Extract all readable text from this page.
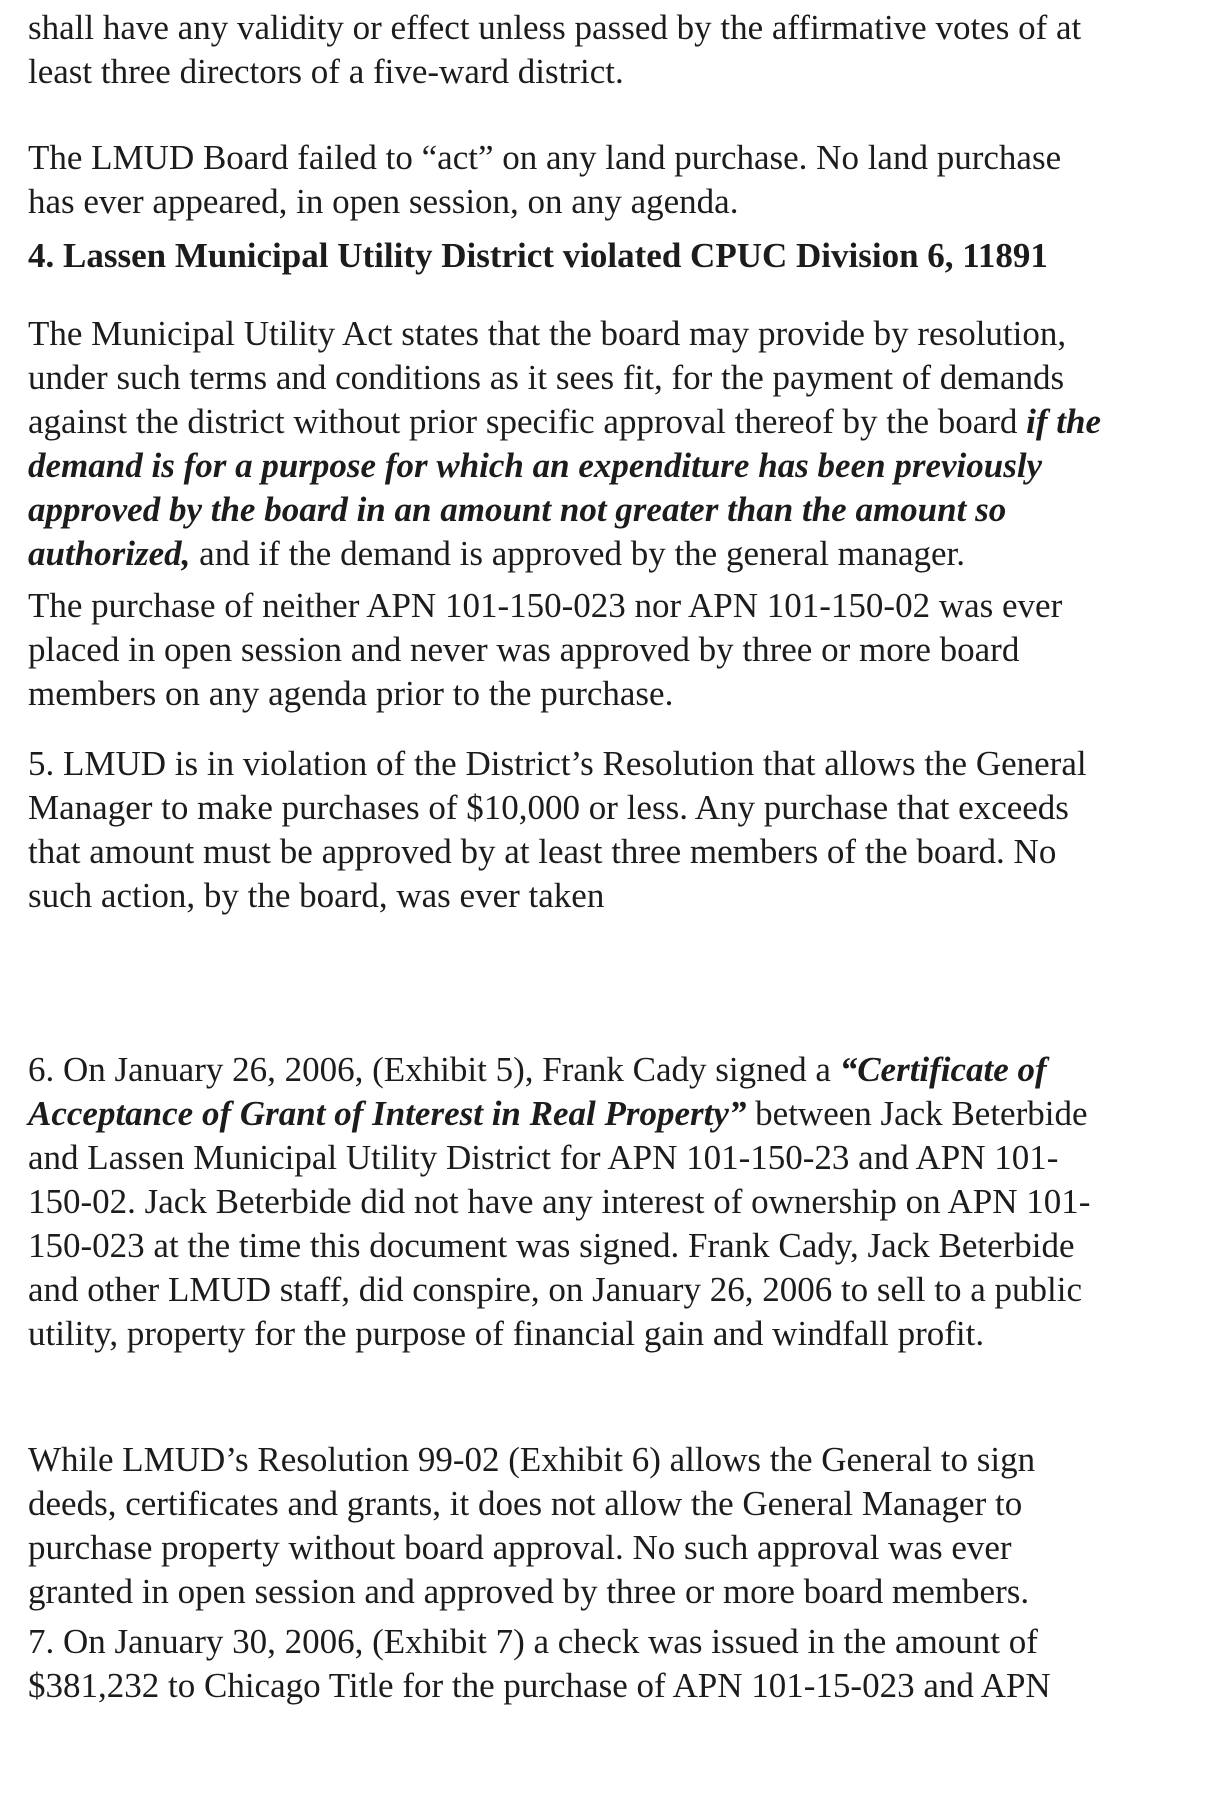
shall have any validity or effect unless passed by the affirmative votes of at
least three directors of a five-ward district.
The LMUD Board failed to “act” on any land purchase. No land purchase
has ever appeared, in open session, on any agenda.
4. Lassen Municipal Utility District violated CPUC Division 6, 11891
The Municipal Utility Act states that the board may provide by resolution,
under such terms and conditions as it sees fit, for the payment of demands
against the district without prior specific approval thereof by the board if the
demand is for a purpose for which an expenditure has been previously
approved by the board in an amount not greater than the amount so
authorized, and if the demand is approved by the general manager.
The purchase of neither APN 101-150-023 nor APN 101-150-02 was ever
placed in open session and never was approved by three or more board
members on any agenda prior to the purchase.
5. LMUD is in violation of the District’s Resolution that allows the General
Manager to make purchases of $10,000 or less. Any purchase that exceeds
that amount must be approved by at least three members of the board. No
such action, by the board, was ever taken
6. On January 26, 2006, (Exhibit 5), Frank Cady signed a “Certificate of
Acceptance of Grant of Interest in Real Property” between Jack Beterbide
and Lassen Municipal Utility District for APN 101-150-23 and APN 101-
150-02. Jack Beterbide did not have any interest of ownership on APN 101-
150-023 at the time this document was signed. Frank Cady, Jack Beterbide
and other LMUD staff, did conspire, on January 26, 2006 to sell to a public
utility, property for the purpose of financial gain and windfall profit.
While LMUD’s Resolution 99-02 (Exhibit 6) allows the General to sign
deeds, certificates and grants, it does not allow the General Manager to
purchase property without board approval. No such approval was ever
granted in open session and approved by three or more board members.
7. On January 30, 2006, (Exhibit 7) a check was issued in the amount of
$381,232 to Chicago Title for the purchase of APN 101-15-023 and APN
